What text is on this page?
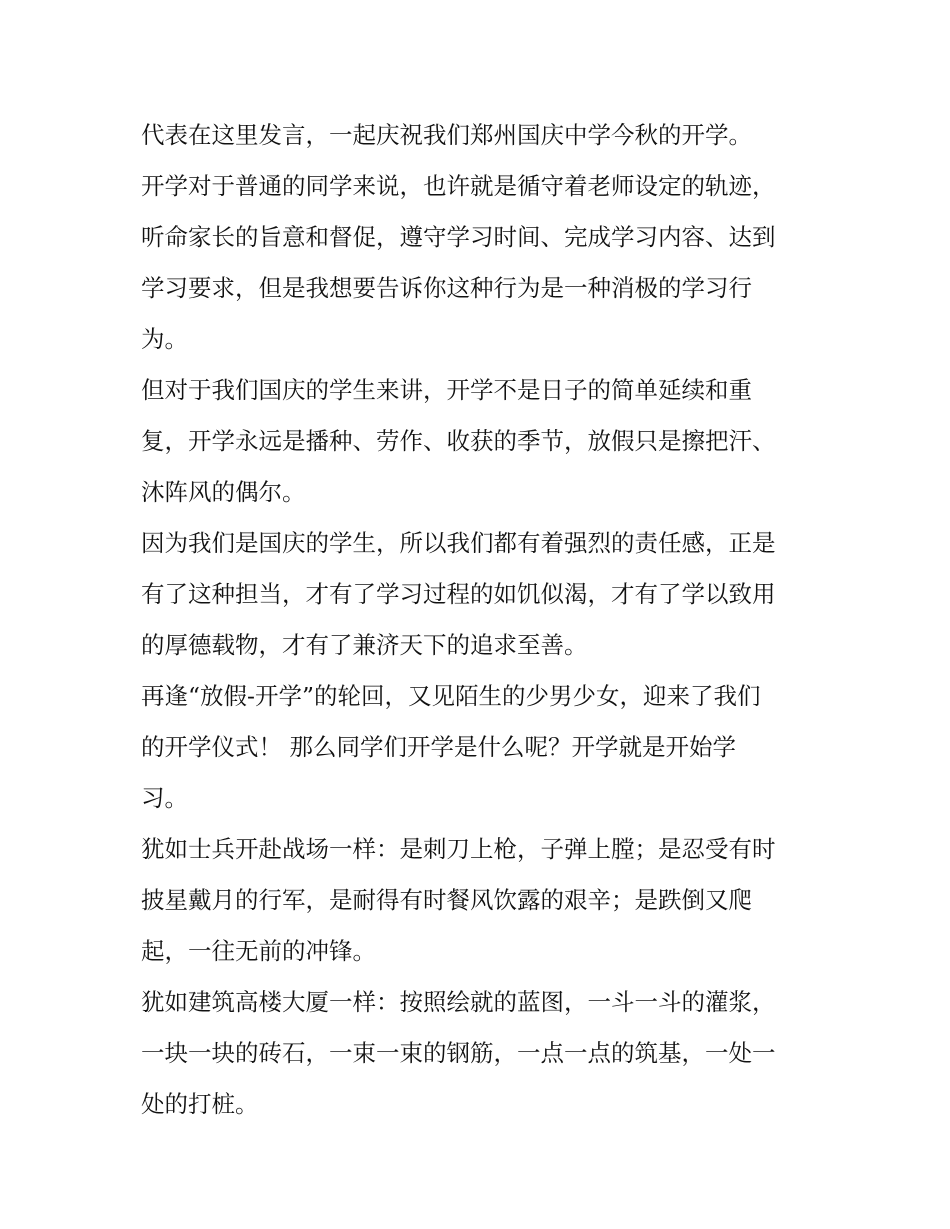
代表在这里发言，一起庆祝我们郑州国庆中学今秋的开学。
开学对于普通的同学来说，也许就是循守着老师设定的轨迹，
听命家长的旨意和督促，遵守学习时间、完成学习内容、达到
学习要求，但是我想要告诉你这种行为是一种消极的学习行
为。
但对于我们国庆的学生来讲，开学不是日子的简单延续和重
复，开学永远是播种、劳作、收获的季节，放假只是擦把汗、
沐阵风的偶尔。
因为我们是国庆的学生，所以我们都有着强烈的责任感，正是
有了这种担当，才有了学习过程的如饥似渴，才有了学以致用
的厚德载物，才有了兼济天下的追求至善。
再逢“放假-开学”的轮回，又见陌生的少男少女，迎来了我们
的开学仪式！ 那么同学们开学是什么呢？开学就是开始学
习。
犹如士兵开赴战场一样：是刺刀上枪，子弹上膛；是忍受有时
披星戴月的行军，是耐得有时餐风饮露的艰辛；是跌倒又爬
起，一往无前的冲锋。
犹如建筑高楼大厦一样：按照绘就的蓝图，一斗一斗的灌浆，
一块一块的砖石，一束一束的钢筋，一点一点的筑基，一处一
处的打桩。
